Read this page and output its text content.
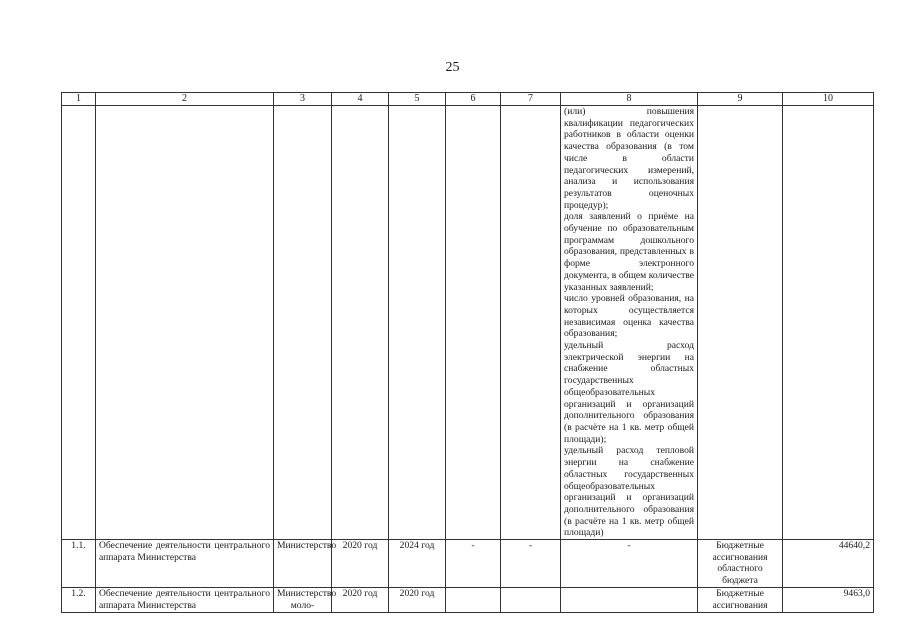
25
1	2	3	4	5	6	7	8	9	10

							(или) повышения квалификации педагогических работников в области оценки качества образования (в том числе в области педагогических измерений, анализа и использования результатов оценочных процедур);
доля заявлений о приёме на обучение по образовательным программам дошкольного образования, представленных в форме электронного документа, в общем количестве указанных заявлений;
число уровней образования, на которых осуществляется независимая оценка качества образования;
удельный расход электрической энергии на снабжение областных государственных общеобразовательных организаций и организаций дополнительного образования (в расчёте на 1 кв. метр общей площади);
удельный расход тепловой энергии на снабжение областных государственных общеобразовательных организаций и организаций дополнительного образования (в расчёте на 1 кв. метр общей площади)		

1.1.	Обеспечение деятельности центрального аппарата Министерства	Министерство	2020 год	2024 год	-	-	-	Бюджетные ассигнования областного бюджета	44640,2

1.2.	Обеспечение деятельности центрального аппарата Министерства	Министерство моло-	2020 год	2020 год				Бюджетные ассигнования	9463,0
